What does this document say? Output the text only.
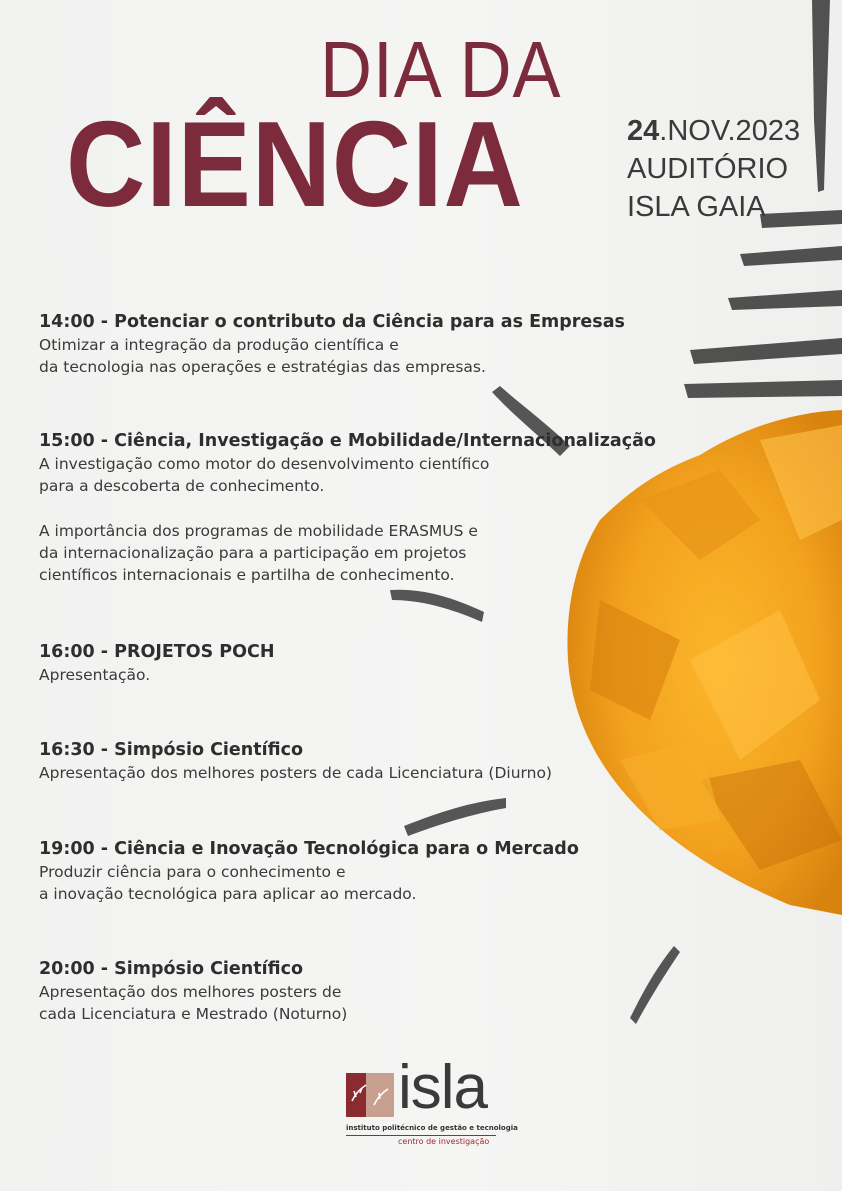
DIA DA
CIÊNCIA	24.NOV.2023
AUDITÓRIO
ISLA GAIA
14:00 - Potenciar o contributo da Ciência para as Empresas
Otimizar a integração da produção científica e
da tecnologia nas operações e estratégias das empresas.
15:00 - Ciência, Investigação e Mobilidade/Internacionalização
A investigação como motor do desenvolvimento científico
para a descoberta de conhecimento.
A importância dos programas de mobilidade ERASMUS e
da internacionalização para a participação em projetos
científicos internacionais e partilha de conhecimento.
16:00 - PROJETOS POCH
Apresentação.
16:30 - Simpósio Científico
Apresentação dos melhores posters de cada Licenciatura (Diurno)
19:00 - Ciência e Inovação Tecnológica para o Mercado
Produzir ciência para o conhecimento e
a inovação tecnológica para aplicar ao mercado.
20:00 - Simpósio Científico
Apresentação dos melhores posters de
cada Licenciatura e Mestrado (Noturno)
isla
instituto politécnico de gestão e tecnologia
centro de investigação
